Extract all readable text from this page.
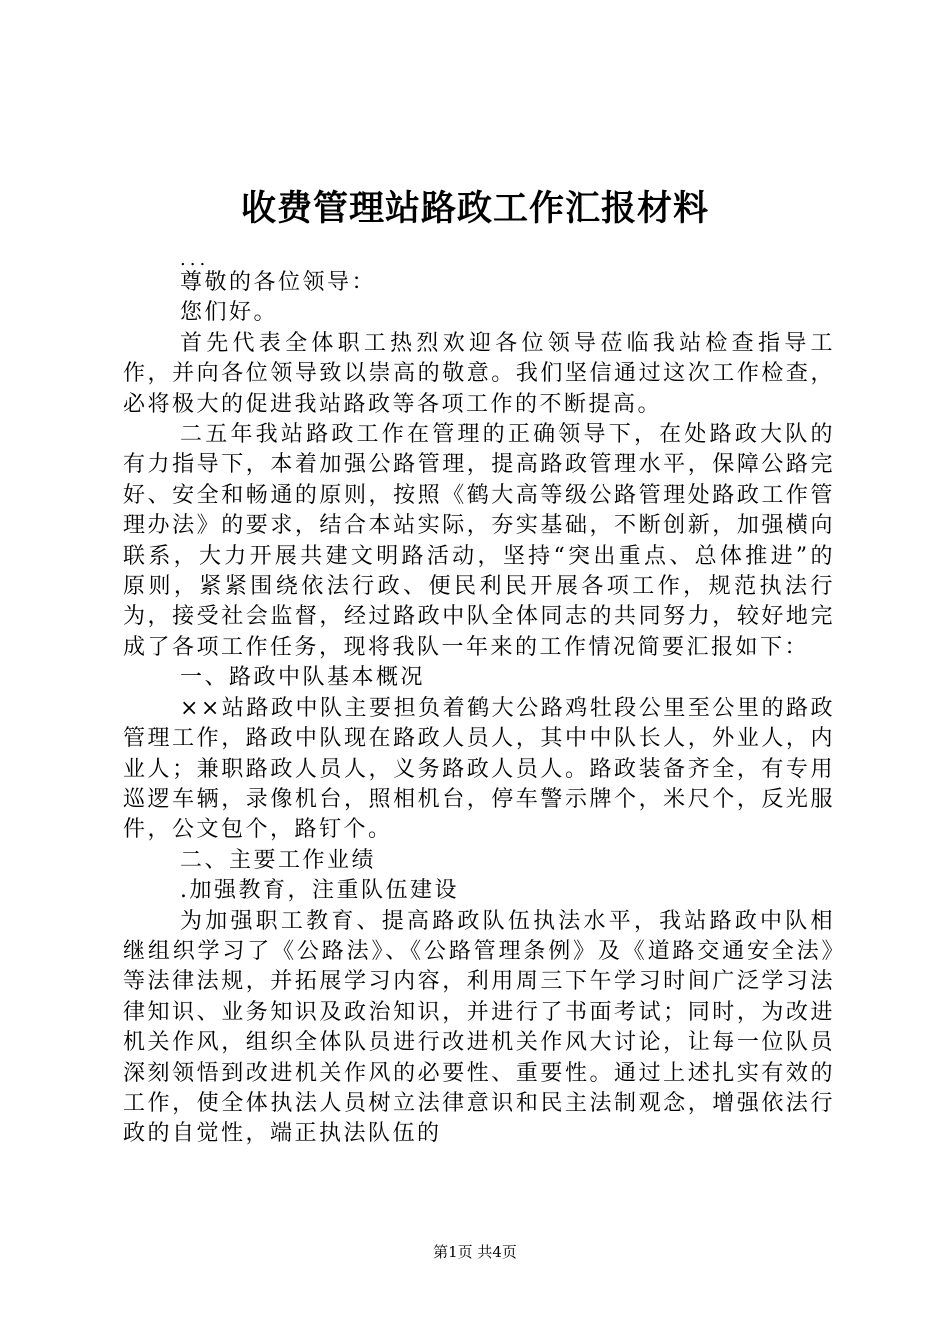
收费管理站路政工作汇报材料

...

尊敬的各位领导：

您们好。

首先代表全体职工热烈欢迎各位领导莅临我站检查指导工作，并向各位领导致以崇高的敬意。我们坚信通过这次工作检查，必将极大的促进我站路政等各项工作的不断提高。

二五年我站路政工作在管理的正确领导下，在处路政大队的有力指导下，本着加强公路管理，提高路政管理水平，保障公路完好、安全和畅通的原则，按照《鹤大高等级公路管理处路政工作管理办法》的要求，结合本站实际，夯实基础，不断创新，加强横向联系，大力开展共建文明路活动，坚持“突出重点、总体推进”的原则，紧紧围绕依法行政、便民利民开展各项工作，规范执法行为，接受社会监督，经过路政中队全体同志的共同努力，较好地完成了各项工作任务，现将我队一年来的工作情况简要汇报如下：

一、路政中队基本概况

××站路政中队主要担负着鹤大公路鸡牡段公里至公里的路政管理工作，路政中队现在路政人员人，其中中队长人，外业人，内业人；兼职路政人员人，义务路政人员人。路政装备齐全，有专用巡逻车辆，录像机台，照相机台，停车警示牌个，米尺个，反光服件，公文包个，路钉个。

二、主要工作业绩

.加强教育，注重队伍建设

为加强职工教育、提高路政队伍执法水平，我站路政中队相继组织学习了《公路法》、《公路管理条例》及《道路交通安全法》等法律法规，并拓展学习内容，利用周三下午学习时间广泛学习法律知识、业务知识及政治知识，并进行了书面考试；同时，为改进机关作风，组织全体队员进行改进机关作风大讨论，让每一位队员深刻领悟到改进机关作风的必要性、重要性。通过上述扎实有效的工作，使全体执法人员树立法律意识和民主法制观念，增强依法行政的自觉性，端正执法队伍的

第1页 共4页
